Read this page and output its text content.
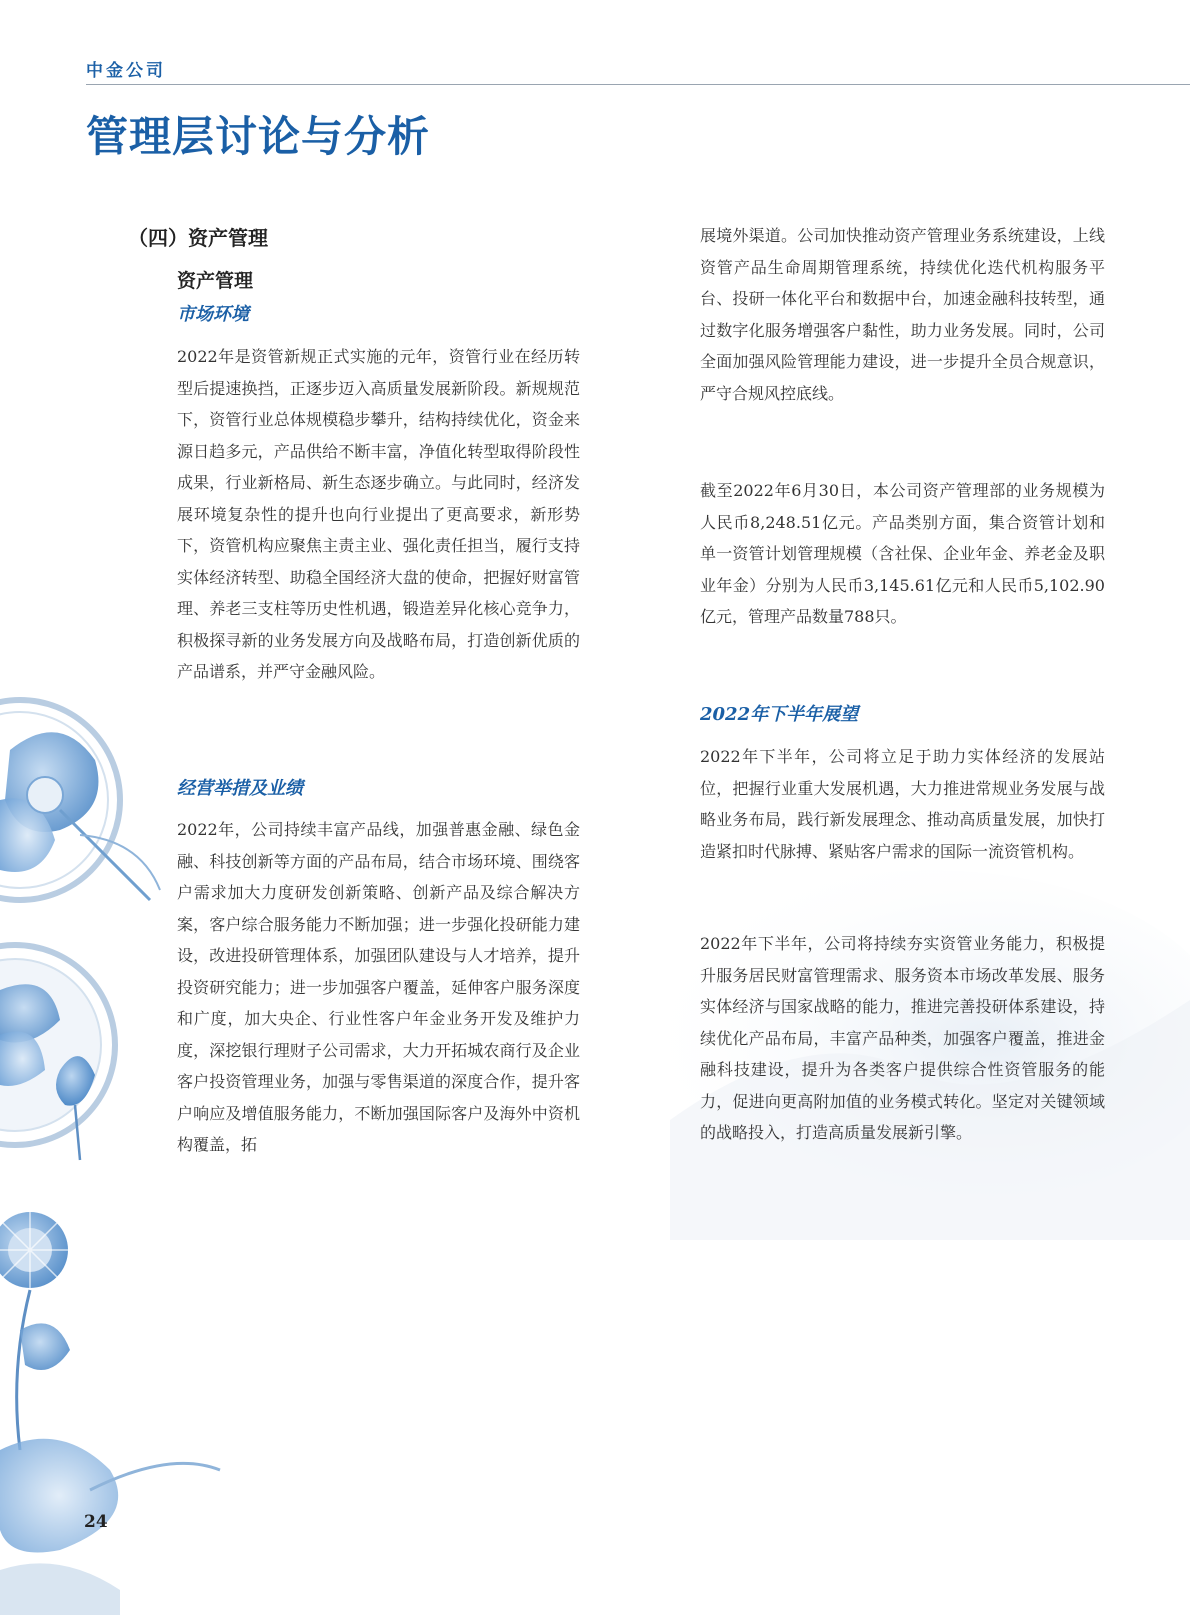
中金公司
管理层讨论与分析
（四）资产管理
资产管理
市场环境

2022年是资管新规正式实施的元年，资管行业在经历转型后提速换挡，正逐步迈入高质量发展新阶段。新规规范下，资管行业总体规模稳步攀升，结构持续优化，资金来源日趋多元，产品供给不断丰富，净值化转型取得阶段性成果，行业新格局、新生态逐步确立。与此同时，经济发展环境复杂性的提升也向行业提出了更高要求，新形势下，资管机构应聚焦主责主业、强化责任担当，履行支持实体经济转型、助稳全国经济大盘的使命，把握好财富管理、养老三支柱等历史性机遇，锻造差异化核心竞争力，积极探寻新的业务发展方向及战略布局，打造创新优质的产品谱系，并严守金融风险。

经营举措及业绩

2022年，公司持续丰富产品线，加强普惠金融、绿色金融、科技创新等方面的产品布局，结合市场环境、围绕客户需求加大力度研发创新策略、创新产品及综合解决方案，客户综合服务能力不断加强；进一步强化投研能力建设，改进投研管理体系，加强团队建设与人才培养，提升投资研究能力；进一步加强客户覆盖，延伸客户服务深度和广度，加大央企、行业性客户年金业务开发及维护力度，深挖银行理财子公司需求，大力开拓城农商行及企业客户投资管理业务，加强与零售渠道的深度合作，提升客户响应及增值服务能力，不断加强国际客户及海外中资机构覆盖，拓

展境外渠道。公司加快推动资产管理业务系统建设，上线资管产品生命周期管理系统，持续优化迭代机构服务平台、投研一体化平台和数据中台，加速金融科技转型，通过数字化服务增强客户黏性，助力业务发展。同时，公司全面加强风险管理能力建设，进一步提升全员合规意识，严守合规风控底线。

截至2022年6月30日，本公司资产管理部的业务规模为人民币8,248.51亿元。产品类别方面，集合资管计划和单一资管计划管理规模（含社保、企业年金、养老金及职业年金）分别为人民币3,145.61亿元和人民币5,102.90亿元，管理产品数量788只。

2022年下半年展望

2022年下半年，公司将立足于助力实体经济的发展站位，把握行业重大发展机遇，大力推进常规业务发展与战略业务布局，践行新发展理念、推动高质量发展，加快打造紧扣时代脉搏、紧贴客户需求的国际一流资管机构。

2022年下半年，公司将持续夯实资管业务能力，积极提升服务居民财富管理需求、服务资本市场改革发展、服务实体经济与国家战略的能力，推进完善投研体系建设，持续优化产品布局，丰富产品种类，加强客户覆盖，推进金融科技建设，提升为各类客户提供综合性资管服务的能力，促进向更高附加值的业务模式转化。坚定对关键领域的战略投入，打造高质量发展新引擎。

24
